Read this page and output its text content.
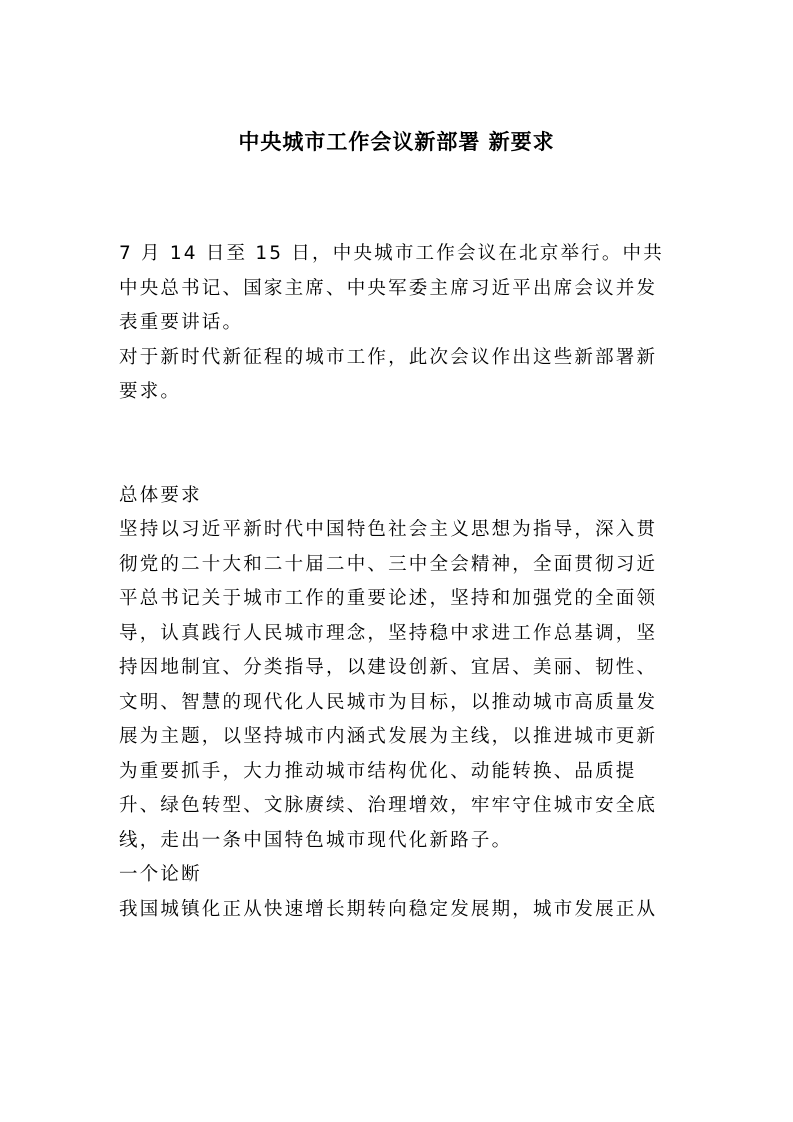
中央城市工作会议新部署 新要求

7 月 14 日至 15 日，中央城市工作会议在北京举行。中共中央总书记、国家主席、中央军委主席习近平出席会议并发表重要讲话。

对于新时代新征程的城市工作，此次会议作出这些新部署新要求。

总体要求

坚持以习近平新时代中国特色社会主义思想为指导，深入贯彻党的二十大和二十届二中、三中全会精神，全面贯彻习近平总书记关于城市工作的重要论述，坚持和加强党的全面领导，认真践行人民城市理念，坚持稳中求进工作总基调，坚持因地制宜、分类指导，以建设创新、宜居、美丽、韧性、文明、智慧的现代化人民城市为目标，以推动城市高质量发展为主题，以坚持城市内涵式发展为主线，以推进城市更新为重要抓手，大力推动城市结构优化、动能转换、品质提升、绿色转型、文脉赓续、治理增效，牢牢守住城市安全底线，走出一条中国特色城市现代化新路子。

一个论断

我国城镇化正从快速增长期转向稳定发展期，城市发展正从
